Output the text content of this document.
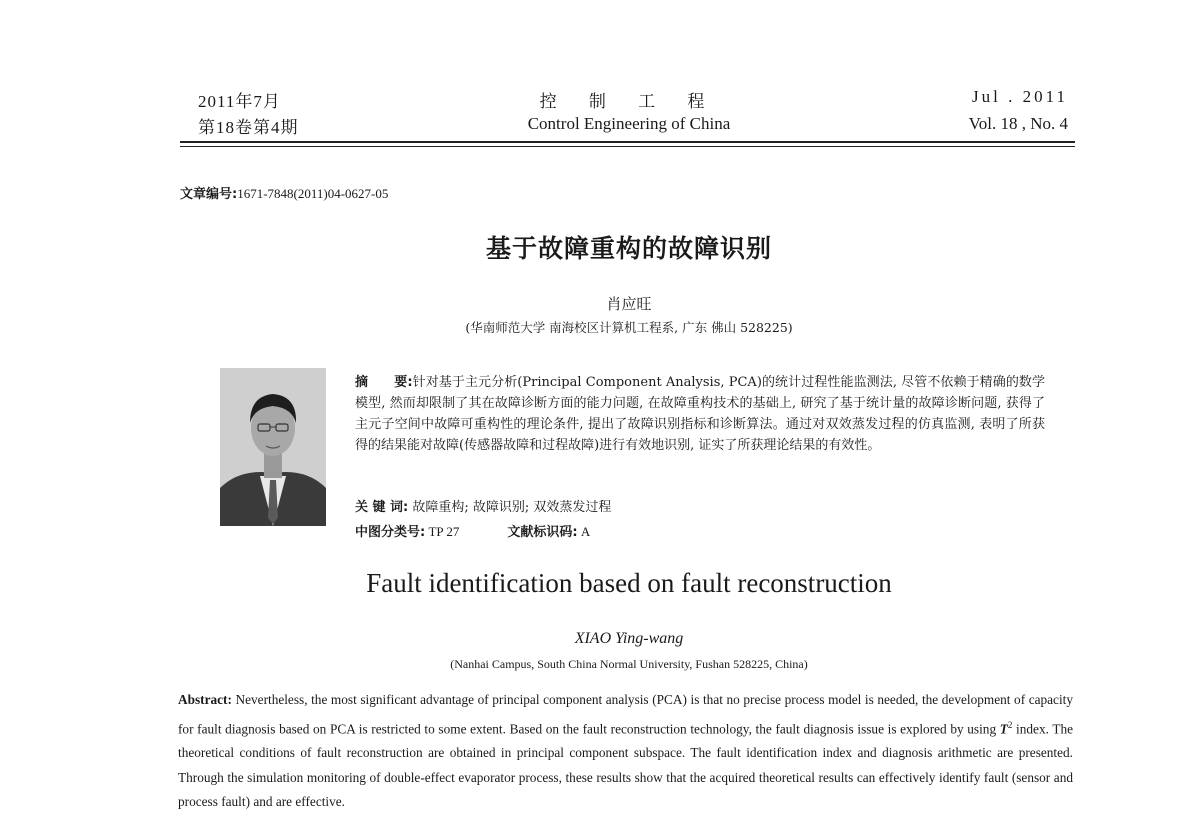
2011年7月
第18卷第4期
控 制 工 程
Control Engineering of China
Jul . 2011
Vol. 18 , No. 4
文章编号:1671-7848(2011)04-0627-05
基于故障重构的故障识别
肖应旺
(华南师范大学 南海校区计算机工程系, 广东 佛山 528225)
摘　　要:针对基于主元分析(Principal Component Analysis, PCA)的统计过程性能监测法, 尽管不依赖于精确的数学模型, 然而却限制了其在故障诊断方面的能力问题, 在故障重构技术的基础上, 研究了基于统计量的故障诊断问题, 获得了主元子空间中故障可重构性的理论条件, 提出了故障识别指标和诊断算法。通过对双效蒸发过程的仿真监测, 表明了所获得的结果能对故障(传感器故障和过程故障)进行有效地识别, 证实了所获理论结果的有效性。
关 键 词: 故障重构; 故障识别; 双效蒸发过程
中图分类号: TP 27	文献标识码: A
Fault identification based on fault reconstruction
XIAO Ying-wang
(Nanhai Campus, South China Normal University, Fushan 528225, China)
Abstract: Nevertheless, the most significant advantage of principal component analysis (PCA) is that no precise process model is needed, the development of capacity for fault diagnosis based on PCA is restricted to some extent. Based on the fault reconstruction technology, the fault diagnosis issue is explored by using $T^2$ index. The theoretical conditions of fault reconstruction are obtained in principal component subspace. The fault identification index and diagnosis arithmetic are presented. Through the simulation monitoring of double-effect evaporator process, these results show that the acquired theoretical results can effectively identify fault (sensor and process fault) and are effective.
